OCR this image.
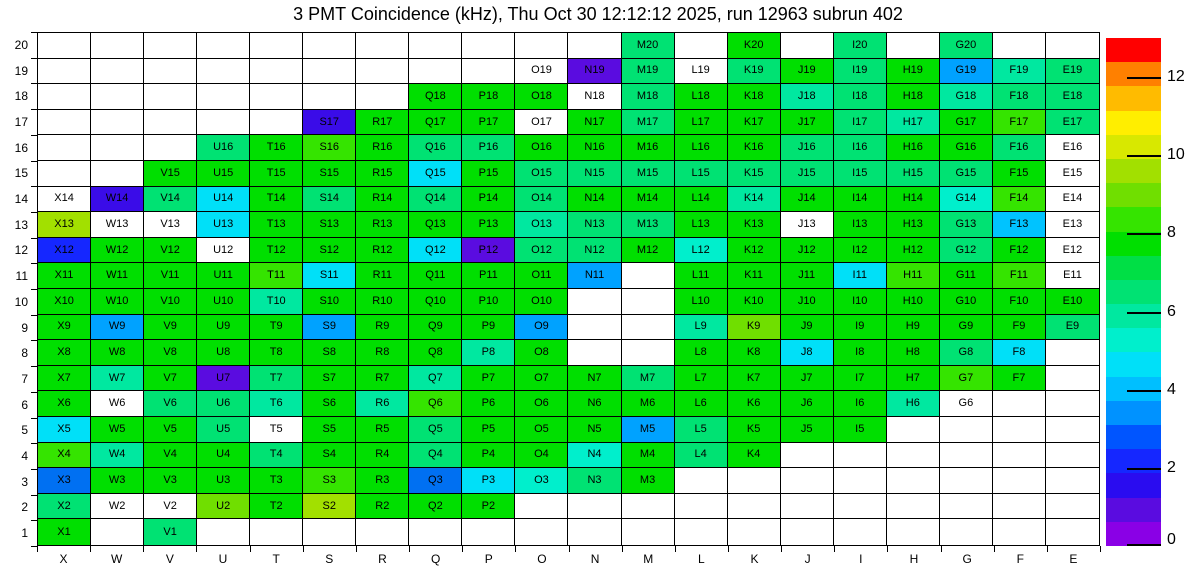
3 PMT Coincidence (kHz), Thu Oct 30 12:12:12 2025, run 12963 subrun 402
M20	K20	I20	G20
O19	N19	M19	L19	K19	J19	I19	H19	G19	F19	E19
Q18	P18	O18	N18	M18	L18	K18	J18	I18	H18	G18	F18	E18
S17	R17	Q17	P17	O17	N17	M17	L17	K17	J17	I17	H17	G17	F17	E17
U16	T16	S16	R16	Q16	P16	O16	N16	M16	L16	K16	J16	I16	H16	G16	F16	E16
V15	U15	T15	S15	R15	Q15	P15	O15	N15	M15	L15	K15	J15	I15	H15	G15	F15	E15
X14	W14	V14	U14	T14	S14	R14	Q14	P14	O14	N14	M14	L14	K14	J14	I14	H14	G14	F14	E14
X13	W13	V13	U13	T13	S13	R13	Q13	P13	O13	N13	M13	L13	K13	J13	I13	H13	G13	F13	E13
X12	W12	V12	U12	T12	S12	R12	Q12	P12	O12	N12	M12	L12	K12	J12	I12	H12	G12	F12	E12
X11	W11	V11	U11	T11	S11	R11	Q11	P11	O11	N11	L11	K11	J11	I11	H11	G11	F11	E11
X10	W10	V10	U10	T10	S10	R10	Q10	P10	O10	L10	K10	J10	I10	H10	G10	F10	E10
X9	W9	V9	U9	T9	S9	R9	Q9	P9	O9	L9	K9	J9	I9	H9	G9	F9	E9
X8	W8	V8	U8	T8	S8	R8	Q8	P8	O8	L8	K8	J8	I8	H8	G8	F8
X7	W7	V7	U7	T7	S7	R7	Q7	P7	O7	N7	M7	L7	K7	J7	I7	H7	G7	F7
X6	W6	V6	U6	T6	S6	R6	Q6	P6	O6	N6	M6	L6	K6	J6	I6	H6	G6
X5	W5	V5	U5	T5	S5	R5	Q5	P5	O5	N5	M5	L5	K5	J5	I5
X4	W4	V4	U4	T4	S4	R4	Q4	P4	O4	N4	M4	L4	K4
X3	W3	V3	U3	T3	S3	R3	Q3	P3	O3	N3	M3
X2	W2	V2	U2	T2	S2	R2	Q2	P2
X1	V1
20
19
18
17
16
15
14
13
12
11
10
9
8
7
6
5
4
3
2
1
X	W	V	U	T	S	R	Q	P	O	N	M	L	K	J	I	H	G	F	E
0
2
4
6
8
10
12
